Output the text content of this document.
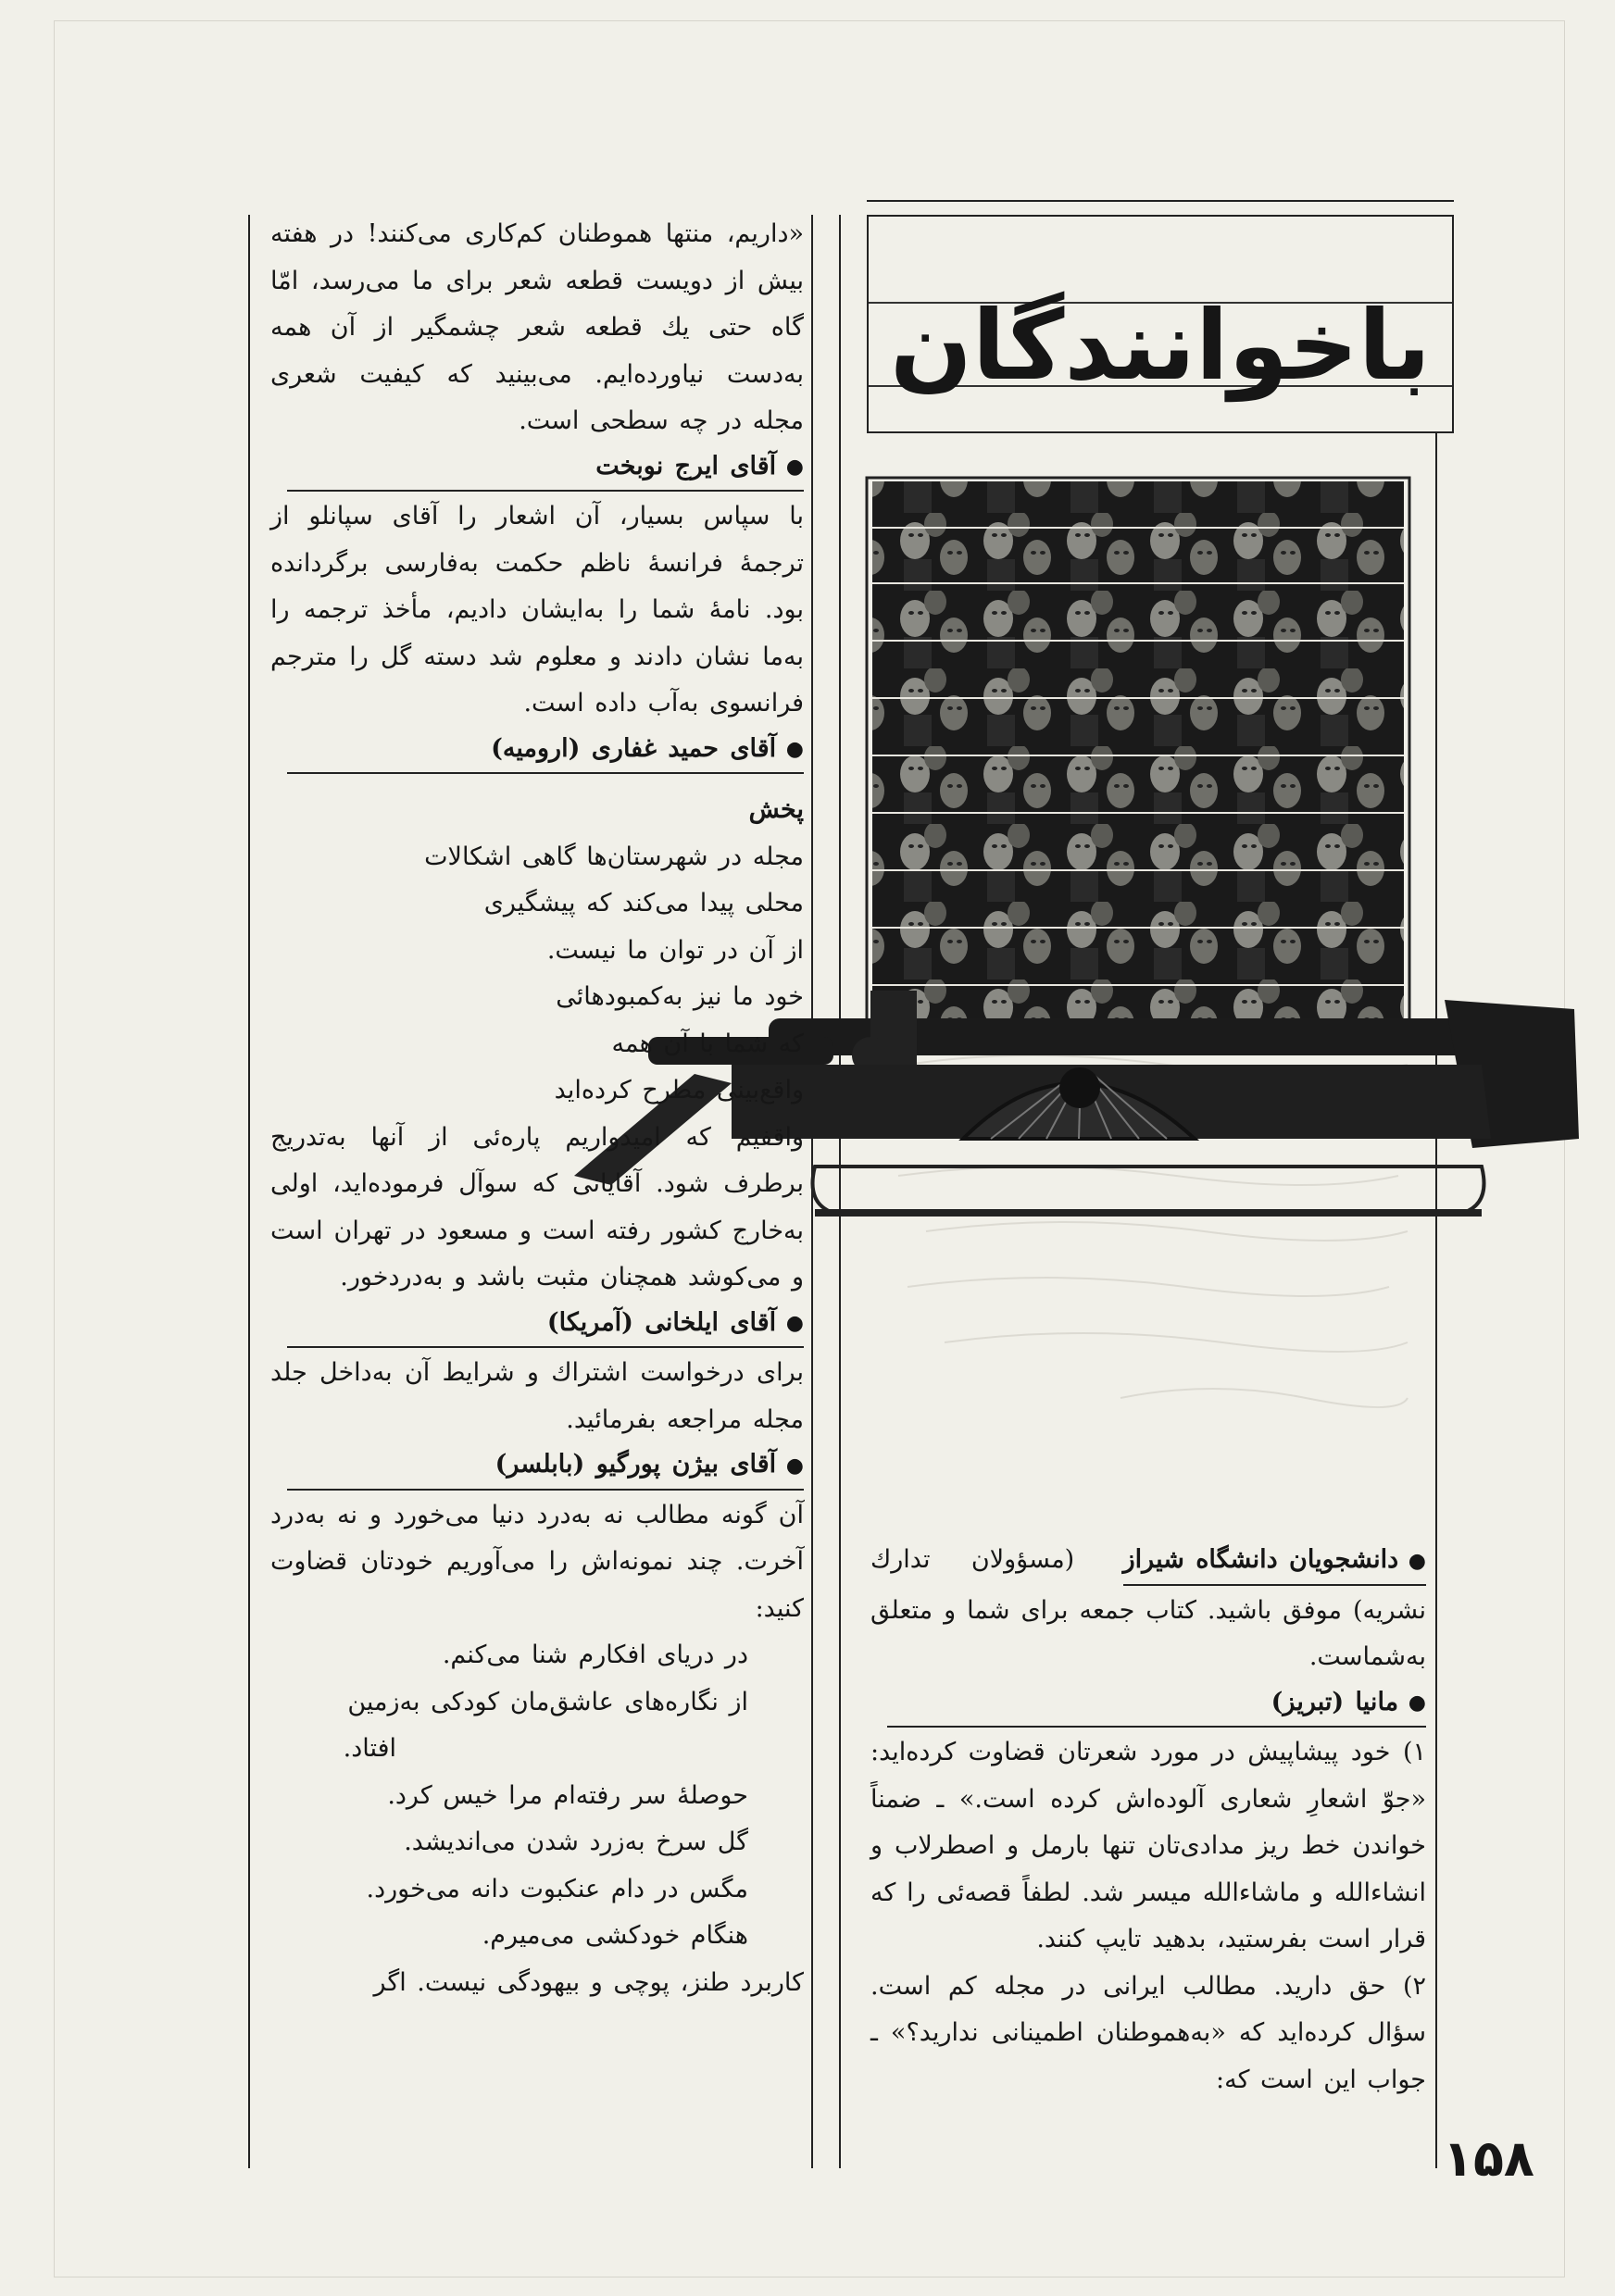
باخوانندگان

«داریم، منتها هموطنان کم‌کاری می‌کنند! در هفته بیش از دویست قطعه شعر برای ما می‌رسد، امّا گاه حتی یك قطعه شعر چشمگیر از آن همه به‌دست نیاورده‌ایم. می‌بینید که کیفیت شعری مجله در چه سطحی است.

● آقای ایرج نوبخت

با سپاس بسیار، آن اشعار را آقای سپانلو از ترجمهٔ فرانسهٔ ناظم حکمت به‌فارسی برگردانده بود. نامهٔ شما را به‌ایشان دادیم، مأخذ ترجمه را به‌ما نشان دادند و معلوم شد دسته گل را مترجم فرانسوی به‌آب داده است.

● آقای حمید غفاری (ارومیه)

پخش

مجله در شهرستان‌ها گاهی اشکالات

محلی پیدا می‌کند که پیشگیری

از آن در توان ما نیست.

خود ما نیز به‌کمبودهائی

که شما با آن همه

واقع‌بینی مطرح کرده‌اید

واقفیم که امیدواریم پاره‌ئی از آنها به‌تدریج برطرف شود. آقایانی که سوآل فرموده‌اید، اولی به‌خارج کشور رفته است و مسعود در تهران است و می‌کوشد همچنان مثبت باشد و به‌دردخور.

● آقای ایلخانی (آمریکا)

برای درخواست اشتراك و شرایط آن به‌داخل جلد مجله مراجعه بفرمائید.

● آقای بیژن پورگیو (بابلسر)

آن گونه مطالب نه به‌درد دنیا می‌خورد و نه به‌درد آخرت. چند نمونه‌اش را می‌آوریم خودتان قضاوت کنید:

در دریای افکارم شنا می‌کنم.

از نگاره‌های عاشق‌مان کودکی به‌زمین

افتاد.

حوصلهٔ سر رفته‌ام مرا خیس کرد.

گل سرخ به‌زرد شدن می‌اندیشد.

مگس در دام عنکبوت دانه می‌خورد.

هنگام خودکشی می‌میرم.

کاربرد طنز، پوچی و بیهودگی نیست. اگر

● دانشجویان دانشگاه شیراز (مسؤولان تدارك نشریه) موفق باشید. کتاب جمعه برای شما و متعلق به‌شماست.
● مانیا (تبریز)

۱) خود پیشاپیش در مورد شعرتان قضاوت کرده‌اید: «جوّ اشعارِ شعاری آلوده‌اش کرده است.» ـ ضمناً خواندن خط ریز مدادی‌تان تنها بارمل و اصطرلاب و انشاءالله و ماشاءالله میسر شد. لطفاً قصه‌ئی را که قرار است بفرستید، بدهید تایپ کنند.

۲) حق دارید. مطالب ایرانی در مجله کم است. سؤال کرده‌اید که «به‌هموطنان اطمینانی ندارید؟» ـ جواب این است که:

۱۵۸
